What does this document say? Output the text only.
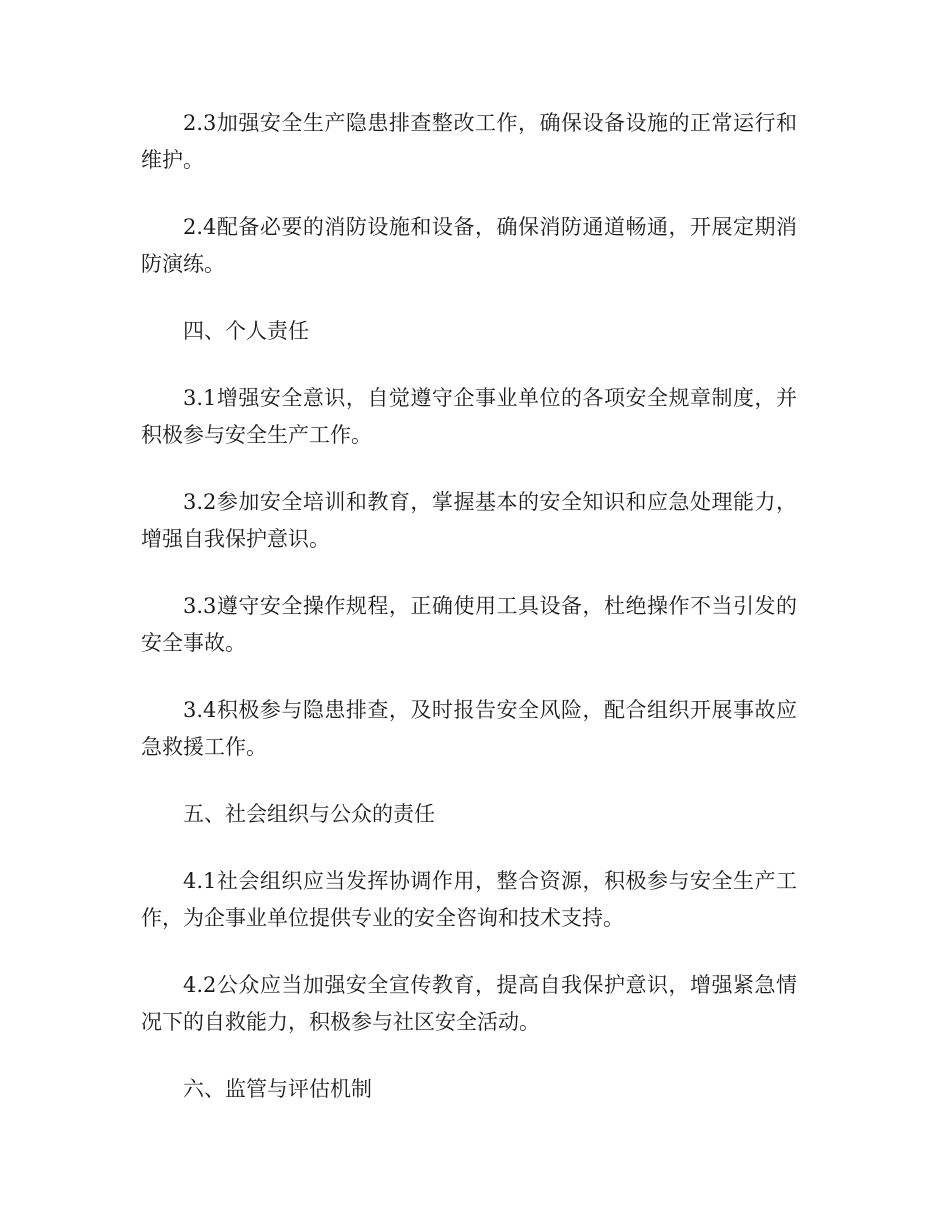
2.3加强安全生产隐患排查整改工作，确保设备设施的正常运行和维护。

2.4配备必要的消防设施和设备，确保消防通道畅通，开展定期消防演练。

四、个人责任

3.1增强安全意识，自觉遵守企事业单位的各项安全规章制度，并积极参与安全生产工作。

3.2参加安全培训和教育，掌握基本的安全知识和应急处理能力，增强自我保护意识。

3.3遵守安全操作规程，正确使用工具设备，杜绝操作不当引发的安全事故。

3.4积极参与隐患排查，及时报告安全风险，配合组织开展事故应急救援工作。

五、社会组织与公众的责任

4.1社会组织应当发挥协调作用，整合资源，积极参与安全生产工作，为企事业单位提供专业的安全咨询和技术支持。

4.2公众应当加强安全宣传教育，提高自我保护意识，增强紧急情况下的自救能力，积极参与社区安全活动。

六、监管与评估机制
